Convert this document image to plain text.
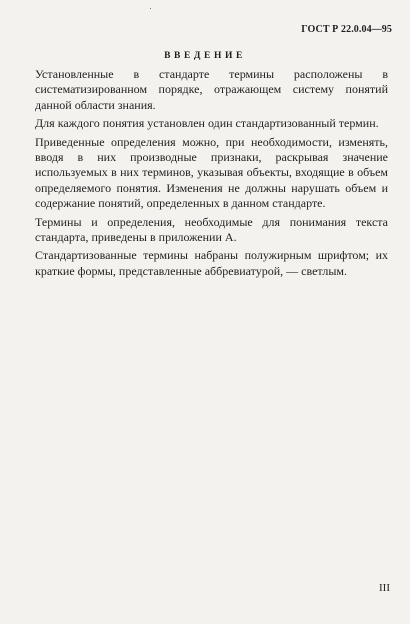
ГОСТ Р 22.0.04—95
ВВЕДЕНИЕ

Установленные в стандарте термины расположены в систематизированном порядке, отражающем систему понятий данной области знания.

Для каждого понятия установлен один стандартизованный термин.

Приведенные определения можно, при необходимости, изменять, вводя в них производные признаки, раскрывая значение используемых в них терминов, указывая объекты, входящие в объем определяемого понятия. Изменения не должны нарушать объем и содержание понятий, определенных в данном стандарте.

Термины и определения, необходимые для понимания текста стандарта, приведены в приложении А.

Стандартизованные термины набраны полужирным шрифтом; их краткие формы, представленные аббревиатурой, — светлым.

III
